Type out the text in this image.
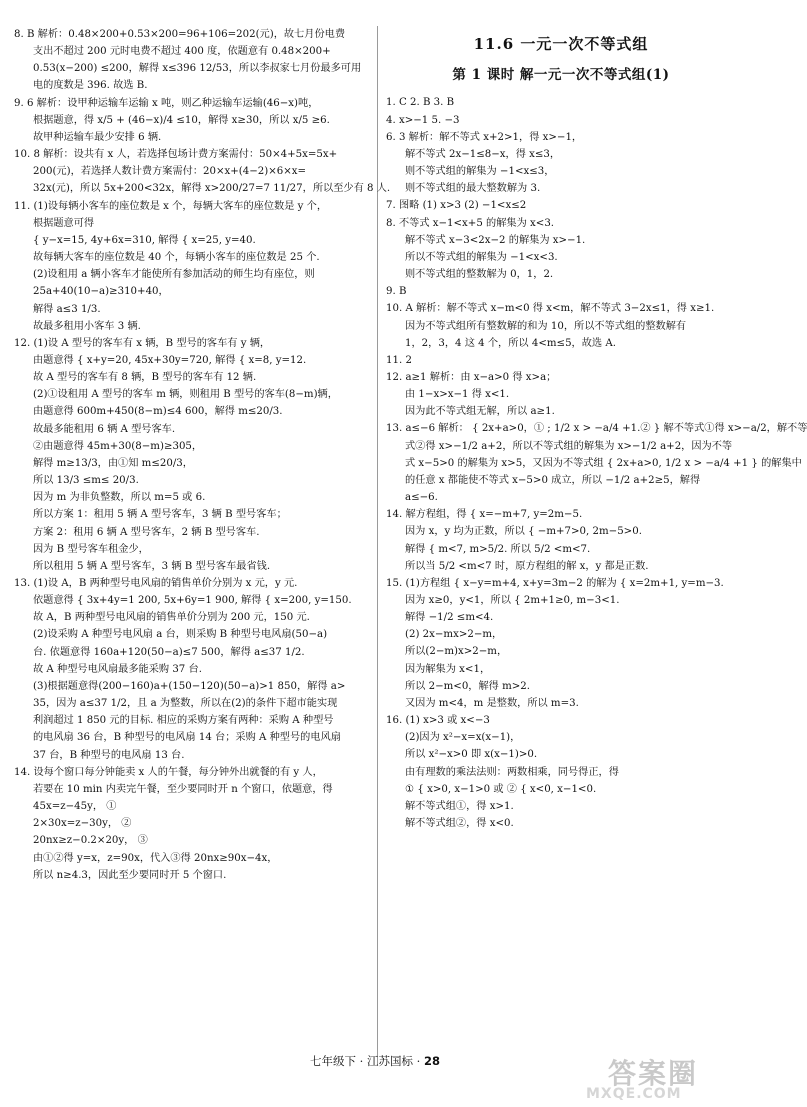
8. B 解析：0.48×200+0.53×200=96+106=202(元)，故七月份电费
支出不超过 200 元时电费不超过 400 度，依题意有 0.48×200+
0.53(x−200) ≤200，解得 x≤396 12/53，所以李叔家七月份最多可用
电的度数是 396. 故选 B.
9. 6 解析：设甲种运输车运输 x 吨，则乙种运输车运输(46−x)吨，
根据题意，得 x/5 + (46−x)/4 ≤10，解得 x≥30，所以 x/5 ≥6.
故甲种运输车最少安排 6 辆.
10. 8 解析：设共有 x 人，若选择包场计费方案需付：50×4+5x=5x+
200(元)，若选择人数计费方案需付：20×x+(4−2)×6×x=
32x(元)，所以 5x+200<32x，解得 x>200/27=7 11/27，所以至少有 8 人.
11. (1)设每辆小客车的座位数是 x 个，每辆大客车的座位数是 y 个，
根据题意可得
{ y−x=15, 4y+6x=310, 解得 { x=25, y=40.
故每辆大客车的座位数是 40 个，每辆小客车的座位数是 25 个.
(2)设租用 a 辆小客车才能使所有参加活动的师生均有座位，则
25a+40(10−a)≥310+40，
解得 a≤3 1/3.
故最多租用小客车 3 辆.
12. (1)设 A 型号的客车有 x 辆，B 型号的客车有 y 辆，
由题意得 { x+y=20, 45x+30y=720, 解得 { x=8, y=12.
故 A 型号的客车有 8 辆，B 型号的客车有 12 辆.
(2)①设租用 A 型号的客车 m 辆，则租用 B 型号的客车(8−m)辆，
由题意得 600m+450(8−m)≤4 600，解得 m≤20/3.
故最多能租用 6 辆 A 型号客车.
②由题意得 45m+30(8−m)≥305，
解得 m≥13/3，由①知 m≤20/3，
所以 13/3 ≤m≤ 20/3.
因为 m 为非负整数，所以 m=5 或 6.
所以方案 1：租用 5 辆 A 型号客车，3 辆 B 型号客车；
方案 2：租用 6 辆 A 型号客车，2 辆 B 型号客车.
因为 B 型号客车租金少，
所以租用 5 辆 A 型号客车，3 辆 B 型号客车最省钱.
13. (1)设 A，B 两种型号电风扇的销售单价分别为 x 元，y 元.
依题意得 { 3x+4y=1 200, 5x+6y=1 900, 解得 { x=200, y=150.
故 A，B 两种型号电风扇的销售单价分别为 200 元，150 元.
(2)设采购 A 种型号电风扇 a 台，则采购 B 种型号电风扇(50−a)
台. 依题意得 160a+120(50−a)≤7 500，解得 a≤37 1/2.
故 A 种型号电风扇最多能采购 37 台.
(3)根据题意得(200−160)a+(150−120)(50−a)>1 850，解得 a>
35，因为 a≤37 1/2，且 a 为整数，所以在(2)的条件下超市能实现
利润超过 1 850 元的目标. 相应的采购方案有两种：采购 A 种型号
的电风扇 36 台，B 种型号的电风扇 14 台；采购 A 种型号的电风扇
37 台，B 种型号的电风扇 13 台.
14. 设每个窗口每分钟能卖 x 人的午餐，每分钟外出就餐的有 y 人，
若要在 10 min 内卖完午餐，至少要同时开 n 个窗口，依题意，得
45x=z−45y， ①
2×30x=z−30y， ②
20nx≥z−0.2×20y， ③
由①②得 y=x，z=90x，代入③得 20nx≥90x−4x，
所以 n≥4.3，因此至少要同时开 5 个窗口.
11.6 一元一次不等式组
第 1 课时 解一元一次不等式组(1)
1. C 2. B 3. B
4. x>−1 5. −3
6. 3 解析：解不等式 x+2>1，得 x>−1，
解不等式 2x−1≤8−x，得 x≤3，
则不等式组的解集为 −1<x≤3，
则不等式组的最大整数解为 3.
7. 图略 (1) x>3 (2) −1<x≤2
8. 不等式 x−1<x+5 的解集为 x<3.
解不等式 x−3<2x−2 的解集为 x>−1.
所以不等式组的解集为 −1<x<3.
则不等式组的整数解为 0，1，2.
9. B
10. A 解析：解不等式 x−m<0 得 x<m，解不等式 3−2x≤1，得 x≥1.
因为不等式组所有整数解的和为 10，所以不等式组的整数解有
1，2，3，4 这 4 个，所以 4<m≤5，故选 A.
11. 2
12. a≥1 解析：由 x−a>0 得 x>a；
由 1−x>x−1 得 x<1.
因为此不等式组无解，所以 a≥1.
13. a≤−6 解析： { 2x+a>0，① ; 1/2 x > −a/4 +1.② } 解不等式①得 x>−a/2，解不等
式②得 x>−1/2 a+2，所以不等式组的解集为 x>−1/2 a+2，因为不等
式 x−5>0 的解集为 x>5，又因为不等式组 { 2x+a>0, 1/2 x > −a/4 +1 } 的解集中
的任意 x 都能使不等式 x−5>0 成立，所以 −1/2 a+2≥5，解得
a≤−6.
14. 解方程组，得 { x=−m+7, y=2m−5.
因为 x，y 均为正数，所以 { −m+7>0, 2m−5>0.
解得 { m<7, m>5/2. 所以 5/2 <m<7.
所以当 5/2 <m<7 时，原方程组的解 x，y 都是正数.
15. (1)方程组 { x−y=m+4, x+y=3m−2 的解为 { x=2m+1, y=m−3.
因为 x≥0，y<1，所以 { 2m+1≥0, m−3<1.
解得 −1/2 ≤m<4.
(2) 2x−mx>2−m，
所以(2−m)x>2−m，
因为解集为 x<1，
所以 2−m<0，解得 m>2.
又因为 m<4，m 是整数，所以 m=3.
16. (1) x>3 或 x<−3
(2)因为 x²−x=x(x−1)，
所以 x²−x>0 即 x(x−1)>0.
由有理数的乘法法则：两数相乘，同号得正，得
① { x>0, x−1>0 或 ② { x<0, x−1<0.
解不等式组①，得 x>1.
解不等式组②，得 x<0.
七年级下 · 江苏国标 · 28	答案圈
MXQE.COM
